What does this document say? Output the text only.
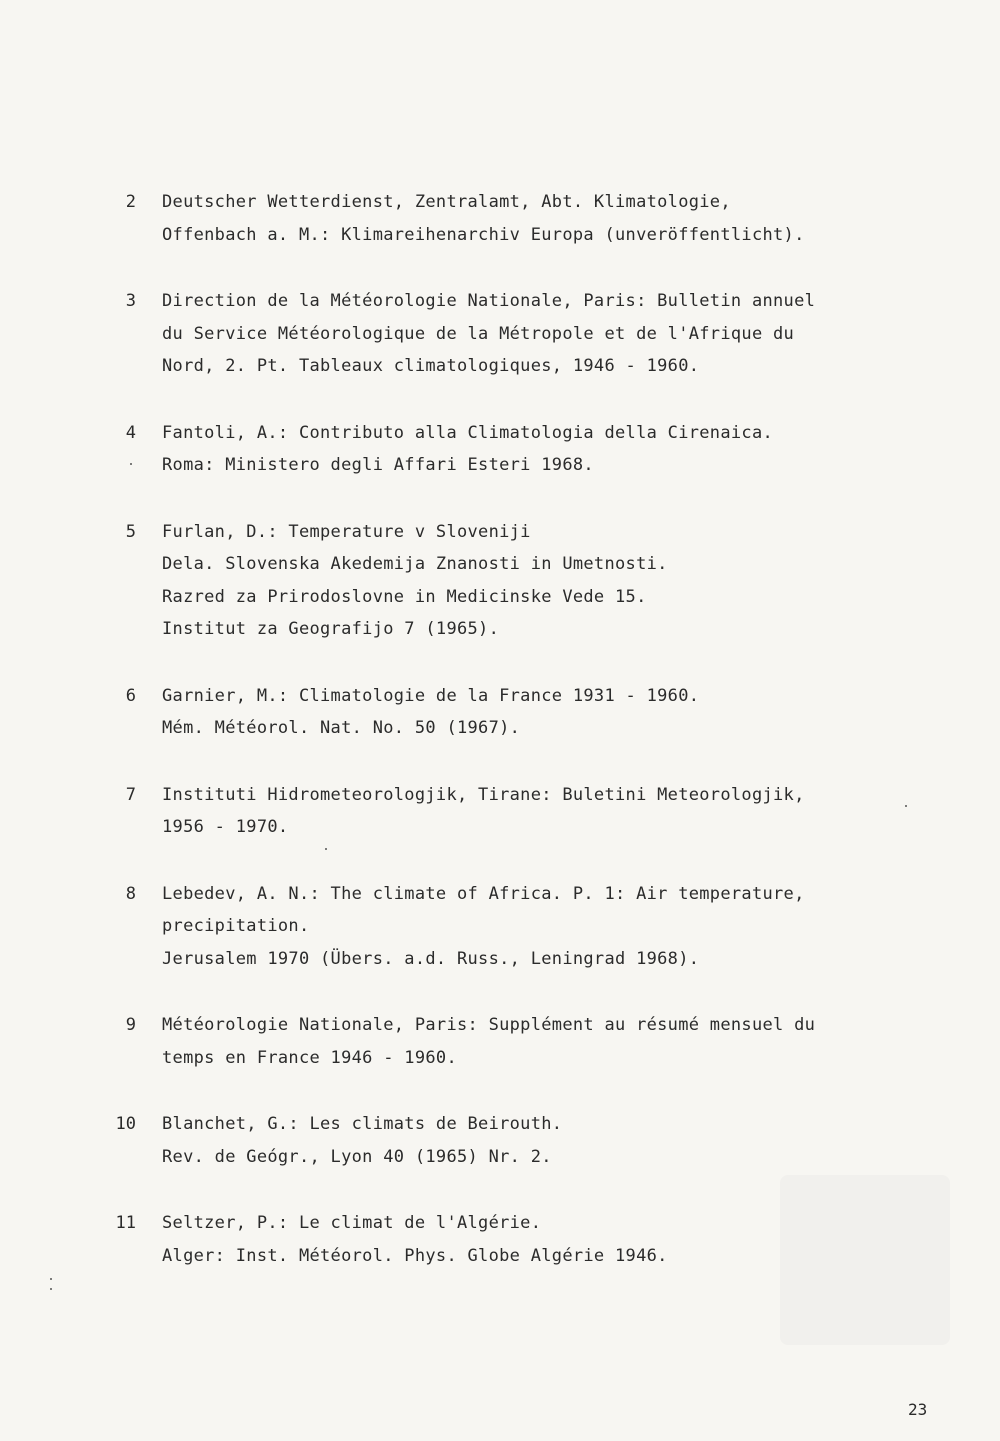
2 Deutscher Wetterdienst, Zentralamt, Abt. Klimatologie,
Offenbach a. M.: Klimareihenarchiv Europa (unveröffentlicht).
3 Direction de la Météorologie Nationale, Paris: Bulletin annuel
du Service Météorologique de la Métropole et de l'Afrique du
Nord, 2. Pt. Tableaux climatologiques, 1946 - 1960.
4 Fantoli, A.: Contributo alla Climatologia della Cirenaica.
Roma: Ministero degli Affari Esteri 1968.
5 Furlan, D.: Temperature v Sloveniji
Dela. Slovenska Akedemija Znanosti in Umetnosti.
Razred za Prirodoslovne in Medicinske Vede 15.
Institut za Geografijo 7 (1965).
6 Garnier, M.: Climatologie de la France 1931 - 1960.
Mém. Météorol. Nat. No. 50 (1967).
7 Instituti Hidrometeorologjik, Tirane: Buletini Meteorologjik,
1956 - 1970.
8 Lebedev, A. N.: The climate of Africa. P. 1: Air temperature,
precipitation.
Jerusalem 1970 (Übers. a.d. Russ., Leningrad 1968).
9 Météorologie Nationale, Paris: Supplément au résumé mensuel du
temps en France 1946 - 1960.
10 Blanchet, G.: Les climats de Beirouth.
Rev. de Geógr., Lyon 40 (1965) Nr. 2.
11 Seltzer, P.: Le climat de l'Algérie.
Alger: Inst. Météorol. Phys. Globe Algérie 1946.
23
